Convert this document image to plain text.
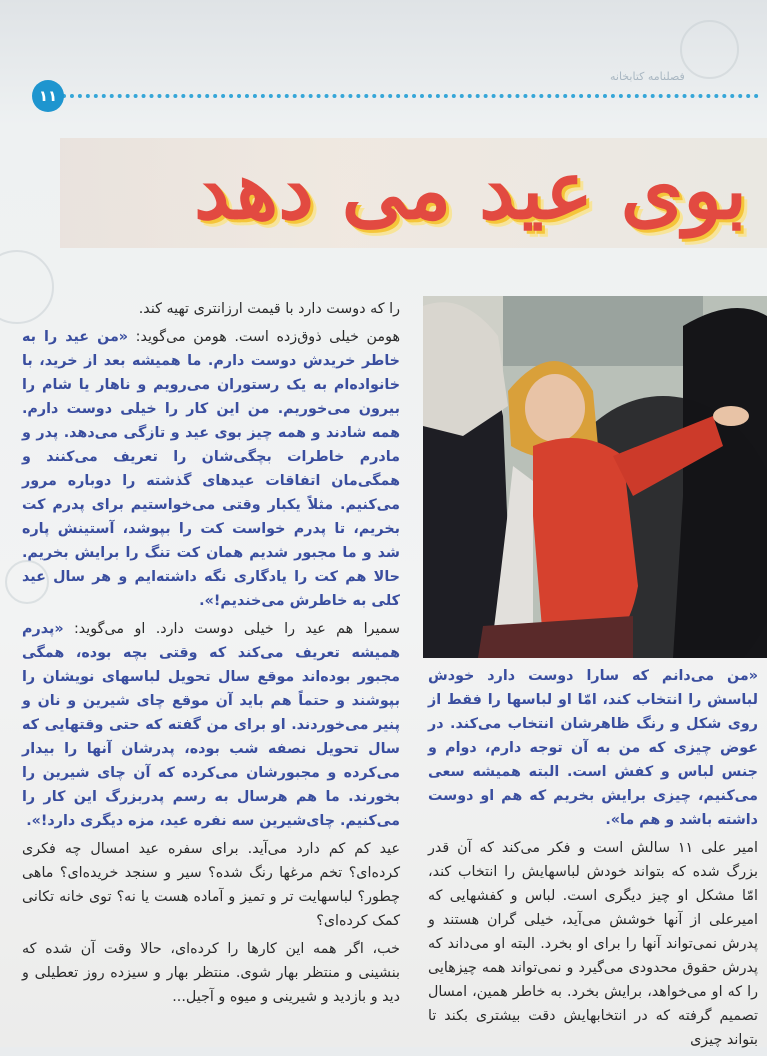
۱۱
فصلنامه کتابخانه
بوی عید می دهد

را که دوست دارد با قیمت ارزانتری تهیه کند.

هومن خیلی ذوق‌زده است. هومن می‌گوید: «من عید را به خاطر خریدش دوست دارم. ما همیشه بعد از خرید، با خانواده‌ام به یک رستوران می‌رویم و ناهار یا شام را بیرون می‌خوریم. من این کار را خیلی دوست دارم. همه شادند و همه چیز بوی عید و تازگی می‌دهد. پدر و مادرم خاطرات بچگی‌شان را تعریف می‌کنند و همگی‌مان اتفاقات عیدهای گذشته را دوباره مرور می‌کنیم. مثلاً یکبار وقتی می‌خواستیم برای پدرم کت بخریم، تا پدرم خواست کت را بپوشد، آستینش پاره شد و ما مجبور شدیم همان کت تنگ را برایش بخریم. حالا هم کت را یادگاری نگه داشته‌ایم و هر سال عید کلی به خاطرش می‌خندیم!».

سمیرا هم عید را خیلی دوست دارد. او می‌گوید: «پدرم همیشه تعریف می‌کند که وقتی بچه بوده، همگی مجبور بوده‌اند موقع سال تحویل لباسهای نویشان را بپوشند و حتماً هم باید آن موقع چای شیرین و نان و پنیر می‌خوردند. او برای من گفته که حتی وقتهایی که سال تحویل نصفه شب بوده، پدرشان آنها را بیدار می‌کرده و مجبورشان می‌کرده که آن چای شیرین را بخورند. ما هم هرسال به رسم پدربزرگ این کار را می‌کنیم. چای‌شیرین سه نفره عید، مزه دیگری دارد!».

عید کم کم دارد می‌آید. برای سفره عید امسال چه فکری کرده‌ای؟ تخم مرغها رنگ شده؟ سیر و سنجد خریده‌ای؟ ماهی چطور؟ لباسهایت تر و تمیز و آماده هست یا نه؟ توی خانه تکانی کمک کرده‌ای؟

خب، اگر همه این کارها را کرده‌ای، حالا وقت آن شده که بنشینی و منتظر بهار شوی. منتظر بهار و سیزده روز تعطیلی و دید و بازدید و شیرینی و میوه و آجیل...

«من می‌دانم که سارا دوست دارد خودش لباسش را انتخاب کند، امّا او لباسها را فقط از روی شکل و رنگ ظاهرشان انتخاب می‌کند. در عوض چیزی که من به آن توجه دارم، دوام و جنس لباس و کفش است. البته همیشه سعی می‌کنیم، چیزی برایش بخریم که هم او دوست داشته باشد و هم ما».

امیر علی ۱۱ سالش است و فکر می‌کند که آن قدر بزرگ شده که بتواند خودش لباسهایش را انتخاب کند، امّا مشکل او چیز دیگری است. لباس و کفشهایی که امیرعلی از آنها خوشش می‌آید، خیلی گران هستند و پدرش نمی‌تواند آنها را برای او بخرد. البته او می‌داند که پدرش حقوق محدودی می‌گیرد و نمی‌تواند همه چیزهایی را که او می‌خواهد، برایش بخرد. به خاطر همین، امسال تصمیم گرفته که در انتخابهایش دقت بیشتری بکند تا بتواند چیزی
